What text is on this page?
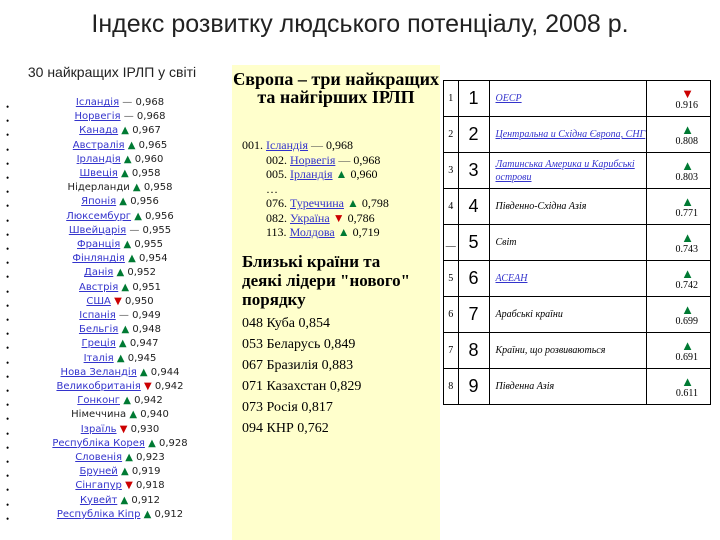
Індекс розвитку людського потенціалу, 2008 р.
30 найкращих ІРЛП у світі
•
•
•
•
•
•
•
•
•
•
•
•
•
•
•
•
•
•
•
•
•
•
•
•
•
•
•
•
•
•
Ісландія — 0,968
Норвегія — 0,968
Канада ▲ 0,967
Австралія ▲ 0,965
Ірландія ▲ 0,960
Швеція ▲ 0,958
Нідерланди ▲ 0,958
Японія ▲ 0,956
Люксембург ▲ 0,956
Швейцарія — 0,955
Франція ▲ 0,955
Фінляндія ▲ 0,954
Данія ▲ 0,952
Австрія ▲ 0,951
США ▼ 0,950
Іспанія — 0,949
Бельгія ▲ 0,948
Греція ▲ 0,947
Італія ▲ 0,945
Нова Зеландія ▲ 0,944
Великобританія ▼ 0,942
Гонконг ▲ 0,942
Німеччина ▲ 0,940
Ізраїль ▼ 0,930
Республіка Корея ▲ 0,928
Словенія ▲ 0,923
Бруней ▲ 0,919
Сінгапур ▼ 0,918
Кувейт ▲ 0,912
Республіка Кіпр ▲ 0,912
Європа – три найкращих та найгірших ІРЛП
001. Ісландія — 0,968
002. Норвегія — 0,968
005. Ірландія ▲ 0,960
…
076. Туреччина ▲ 0,798
082. Україна ▼ 0,786
113. Молдова ▲ 0,719
Близькі країни та деякі лідери "нового" порядку
048 Куба 0,854
053 Беларусь 0,849
067 Бразилія 0,883
071 Казахстан 0,829
073 Росія 0,817
094 КНР 0,762
1	1	OECP	▼
0.916
2	2	Центральна и Східна Європа, СНГ	▲
0.808
3	3	Латинська Америка и Карибські острови	▲
0.803
4	4	Південно-Східна Азія	▲
0.771
__	5	Світ	▲
0.743
5	6	АСЕАН	▲
0.742
6	7	Арабські країни	▲
0.699
7	8	Країни, що розвиваються	▲
0.691
8	9	Південна Азія	▲
0.611
